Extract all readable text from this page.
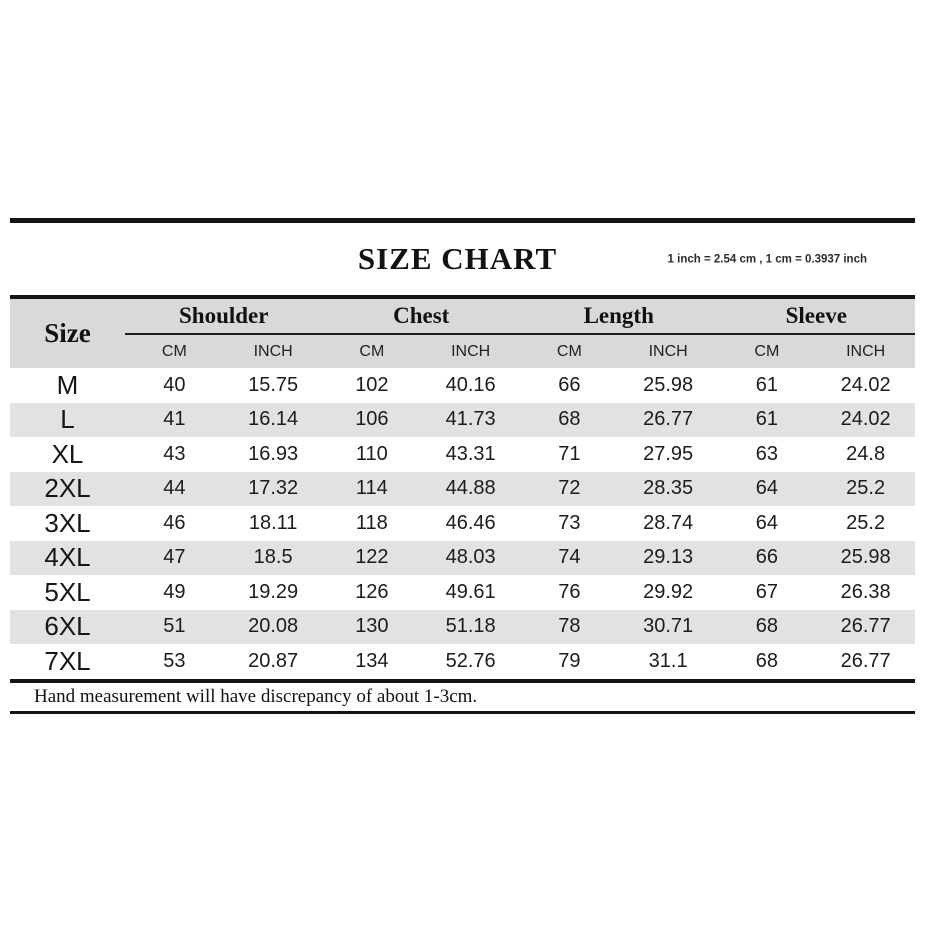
SIZE CHART	1 inch = 2.54 cm , 1 cm = 0.3937 inch
Size	Shoulder		Chest		Length		Sleeve	
	CM	INCH	CM	INCH	CM	INCH	CM	INCH
M	40	15.75	102	40.16	66	25.98	61	24.02
L	41	16.14	106	41.73	68	26.77	61	24.02
XL	43	16.93	110	43.31	71	27.95	63	24.8
2XL	44	17.32	114	44.88	72	28.35	64	25.2
3XL	46	18.11	118	46.46	73	28.74	64	25.2
4XL	47	18.5	122	48.03	74	29.13	66	25.98
5XL	49	19.29	126	49.61	76	29.92	67	26.38
6XL	51	20.08	130	51.18	78	30.71	68	26.77
7XL	53	20.87	134	52.76	79	31.1	68	26.77
Hand measurement will have discrepancy of about 1-3cm.
